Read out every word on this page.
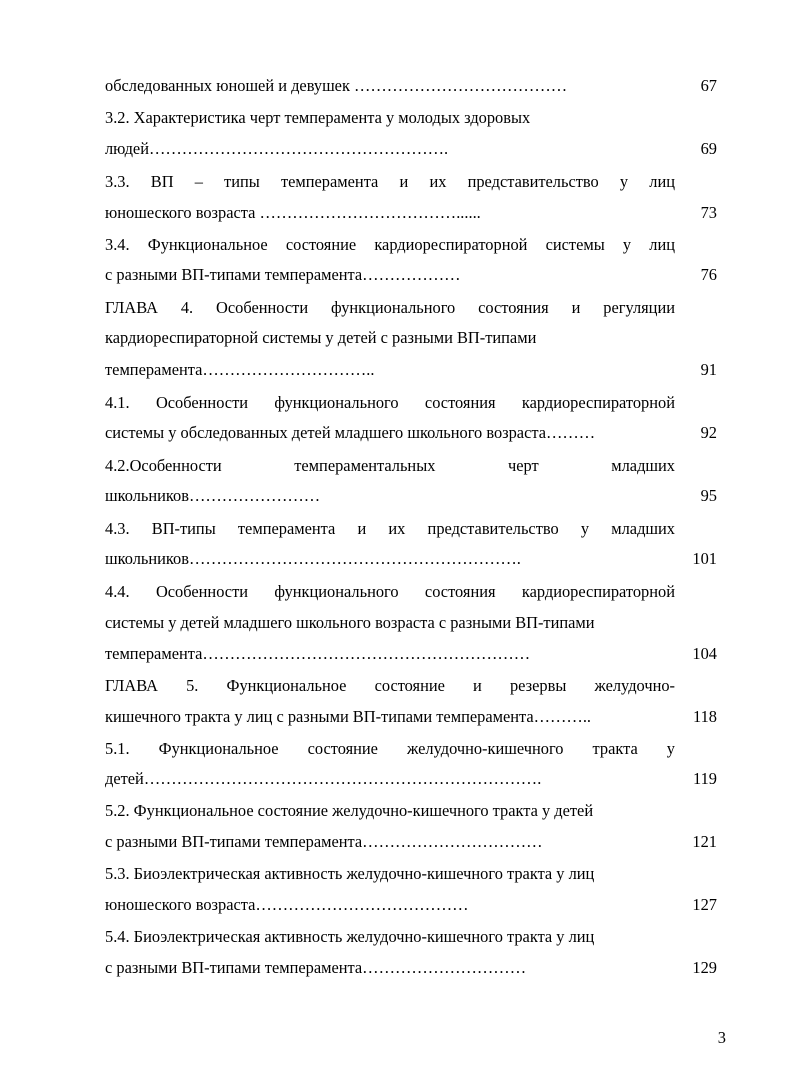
обследованных юношей и девушек …………………………………
3.2. Характеристика черт темперамента у молодых здоровых
людей……………………………………………….
3.3. ВП – типы темперамента и их представительство у лиц
юношеского возраста ………………………………......
3.4. Функциональное состояние кардиореспираторной системы у лиц
с разными ВП-типами темперамента………………
ГЛАВА 4. Особенности функционального состояния и регуляции
кардиореспираторной системы у детей с разными ВП-типами
темперамента…………………………..
4.1. Особенности функционального состояния кардиореспираторной
системы у обследованных детей младшего школьного возраста………
4.2.Особенности темпераментальных черт младших
школьников……………………
4.3. ВП-типы темперамента и их представительство у младших
школьников…………………………………………………….
4.4. Особенности функционального состояния кардиореспираторной
системы у детей младшего школьного возраста с разными ВП-типами
темперамента……………………………………………………
ГЛАВА 5. Функциональное состояние и резервы желудочно-
кишечного тракта у лиц с разными ВП-типами темперамента………..
5.1. Функциональное состояние желудочно-кишечного тракта у
детей……………………………………………………………….
5.2. Функциональное состояние желудочно-кишечного тракта у детей
с разными ВП-типами темперамента……………………………
5.3. Биоэлектрическая активность желудочно-кишечного тракта у лиц
юношеского возраста…………………………………
5.4. Биоэлектрическая активность желудочно-кишечного тракта у лиц
с разными ВП-типами темперамента…………………………
67
69
73
76
91
92
95
101
104
118
119
121
127
129
3
